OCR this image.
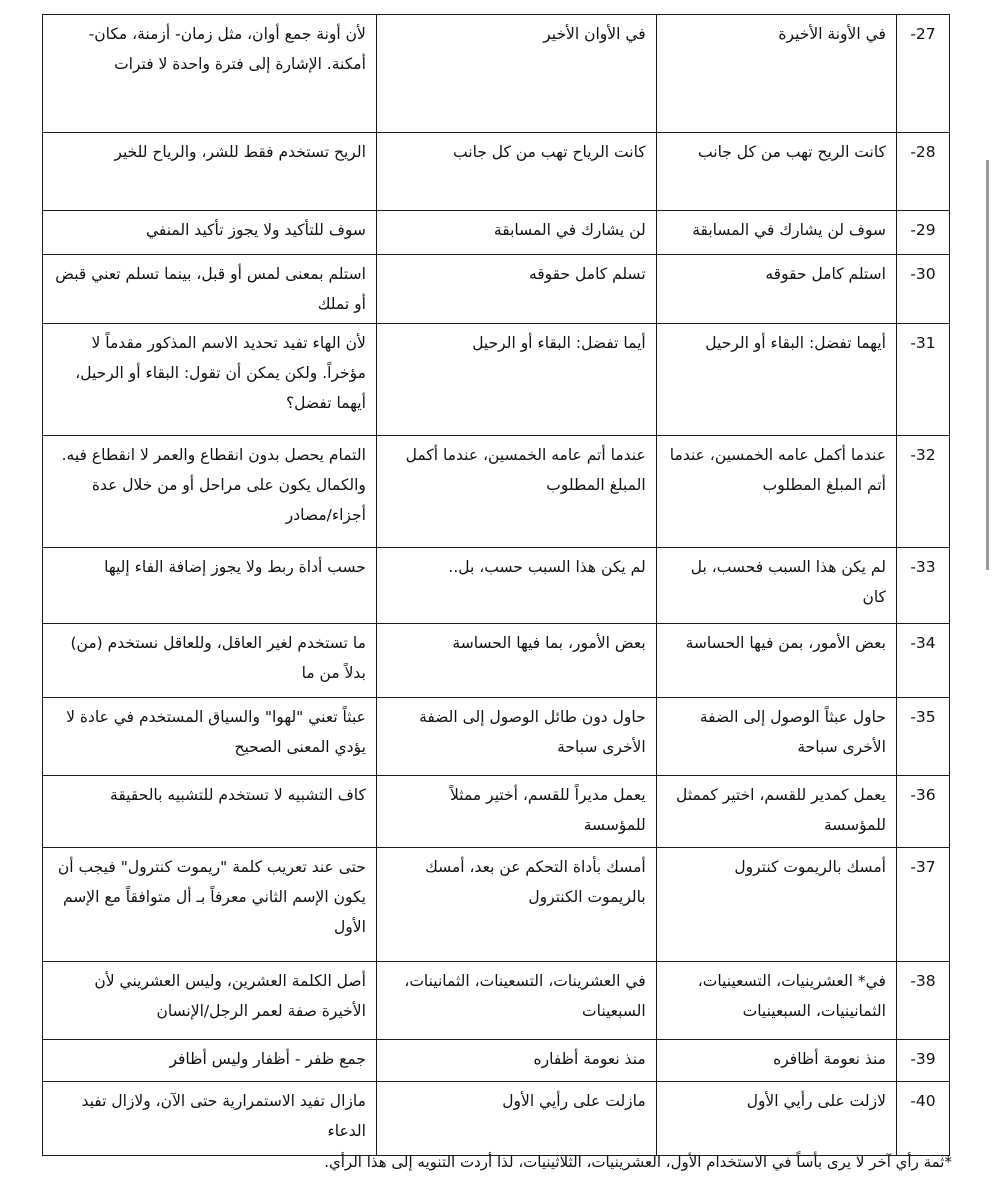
27-	في الأونة الأخيرة	في الأوان الأخير	لأن أونة جمع أوان، مثل زمان- أزمنة، مكان- أمكنة. الإشارة إلى فترة واحدة لا فترات
28-	كانت الريح تهب من كل جانب	كانت الرياح تهب من كل جانب	الريح تستخدم فقط للشر، والرياح للخير
29-	سوف لن يشارك في المسابقة	لن يشارك في المسابقة	سوف للتأكيد ولا يجوز تأكيد المنفي
30-	استلم كامل حقوقه	تسلم كامل حقوقه	استلم بمعنى لمس أو قبل، بينما تسلم تعني قبض أو تملك
31-	أيهما تفضل: البقاء أو الرحيل	أيما تفضل: البقاء أو الرحيل	لأن الهاء تفيد تحديد الاسم المذكور مقدماً لا مؤخراً. ولكن يمكن أن تقول: البقاء أو الرحيل، أيهما تفضل؟
32-	عندما أكمل عامه الخمسين، عندما أتم المبلغ المطلوب	عندما أتم عامه الخمسين، عندما أكمل المبلغ المطلوب	التمام يحصل بدون انقطاع والعمر لا انقطاع فيه. والكمال يكون على مراحل أو من خلال عدة أجزاء/مصادر
33-	لم يكن هذا السبب فحسب، بل كان	لم يكن هذا السبب حسب، بل..	حسب أداة ربط ولا يجوز إضافة الفاء إليها
34-	بعض الأمور، بمن فيها الحساسة	بعض الأمور، بما فيها الحساسة	ما تستخدم لغير العاقل، وللعاقل نستخدم (من) بدلاً من ما
35-	حاول عبثاً الوصول إلى الضفة الأخرى سباحة	حاول دون طائل الوصول إلى الضفة الأخرى سباحة	عبثاً تعني "لهوا" والسياق المستخدم في عادة لا يؤدي المعنى الصحيح
36-	يعمل كمدير للقسم، اختير كممثل للمؤسسة	يعمل مديراً للقسم، أختير ممثلاً للمؤسسة	كاف التشبيه لا تستخدم للتشبيه بالحقيقة
37-	أمسك بالريموت كنترول	أمسك بأداة التحكم عن بعد، أمسك بالريموت الكنترول	حتى عند تعريب كلمة "ريموت كنترول" فيجب أن يكون الإسم الثاني معرفاً بـ أل متوافقاً مع الإسم الأول
38-	في* العشرينيات، التسعينيات، الثمانينيات، السبعينيات	في العشرينات، التسعينات، الثمانينات، السبعينات	أصل الكلمة العشرين، وليس العشريني لأن الأخيرة صفة لعمر الرجل/الإنسان
39-	منذ نعومة أظافره	منذ نعومة أظفاره	جمع ظفر - أظفار وليس أظافر
40-	لازلت على رأيي الأول	مازلت على رأيي الأول	مازال تفيد الاستمرارية حتى الآن، ولازال تفيد الدعاء
*ثمة رأي آخر لا يرى بأساً في الاستخدام الأول، العشرينيات، الثلاثينيات، لذا أردت التنويه إلى هذا الرأي.
